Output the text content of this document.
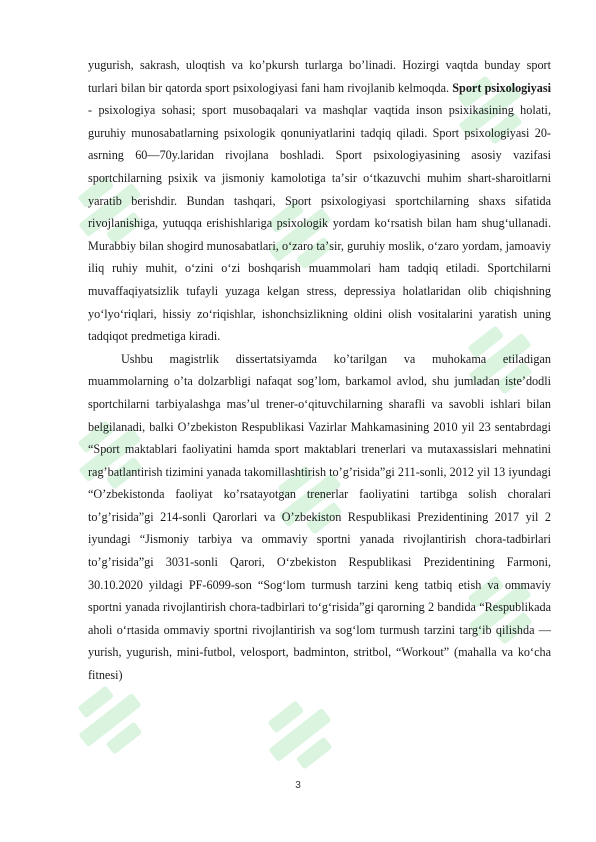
yugurish, sakrash, uloqtish va koʼpkursh turlarga boʼlinadi. Hozirgi vaqtda bunday sport turlari bilan bir qatorda sport psixologiyasi fani ham rivojlanib kelmoqda. Sport psixologiyasi - psixologiya sohasi; sport musobaqalari va mashqlar vaqtida inson psixikasining holati, guruhiy munosabatlarning psixologik qonuniyatlarini tadqiq qiladi. Sport psixologiyasi 20-asrning 60—70y.laridan rivojlana boshladi. Sport psixologiyasining asosiy vazifasi sportchilarning psixik va jismoniy kamolotiga taʼsir oʻtkazuvchi muhim shart-sharoitlarni yaratib berishdir. Bundan tashqari, Sport psixologiyasi sportchilarning shaxs sifatida rivojlanishiga, yutuqqa erishishlariga psixologik yordam koʻrsatish bilan ham shugʻullanadi. Murabbiy bilan shogird munosabatlari, oʻzaro taʼsir, guruhiy moslik, oʻzaro yordam, jamoaviy iliq ruhiy muhit, oʻzini oʻzi boshqarish muammolari ham tadqiq etiladi. Sportchilarni muvaffaqiyatsizlik tufayli yuzaga kelgan stress, depressiya holatlaridan olib chiqishning yoʻlyoʻriqlari, hissiy zoʻriqishlar, ishonchsizlikning oldini olish vositalarini yaratish uning tadqiqot predmetiga kiradi.

Ushbu magistrlik dissertatsiyamda koʼtarilgan va muhokama etiladigan muammolarning oʼta dolzarbligi nafaqat sogʼlom, barkamol avlod, shu jumladan isteʼdodli sportchilarni tarbiyalashga masʼul trener-oʻqituvchilarning sharafli va savobli ishlari bilan belgilanadi, balki Oʼzbekiston Respublikasi Vazirlar Mahkamasining 2010 yil 23 sentabrdagi “Sport maktablari faoliyatini hamda sport maktablari trenerlari va mutaxassislari mehnatini ragʼbatlantirish tizimini yanada takomillashtirish toʼgʼrisida”gi 211-sonli, 2012 yil 13 iyundagi “Oʼzbekistonda faoliyat koʼrsatayotgan trenerlar faoliyatini tartibga solish choralari toʼgʼrisida”gi 214-sonli Qarorlari va Oʼzbekiston Respublikasi Prezidentining 2017 yil 2 iyundagi “Jismoniy tarbiya va ommaviy sportni yanada rivojlantirish chora-tadbirlari toʼgʼrisida”gi 3031-sonli Qarori, Oʻzbekiston Respublikasi Prezidentining Farmoni, 30.10.2020 yildagi PF-6099-son “Sogʻlom turmush tarzini keng tatbiq etish va ommaviy sportni yanada rivojlantirish chora-tadbirlari toʻgʻrisida”gi qarorning 2 bandida “Respublikada aholi oʻrtasida ommaviy sportni rivojlantirish va sogʻlom turmush tarzini targʻib qilishda — yurish, yugurish, mini-futbol, velosport, badminton, stritbol, “Workout” (mahalla va koʻcha fitnesi)

3
